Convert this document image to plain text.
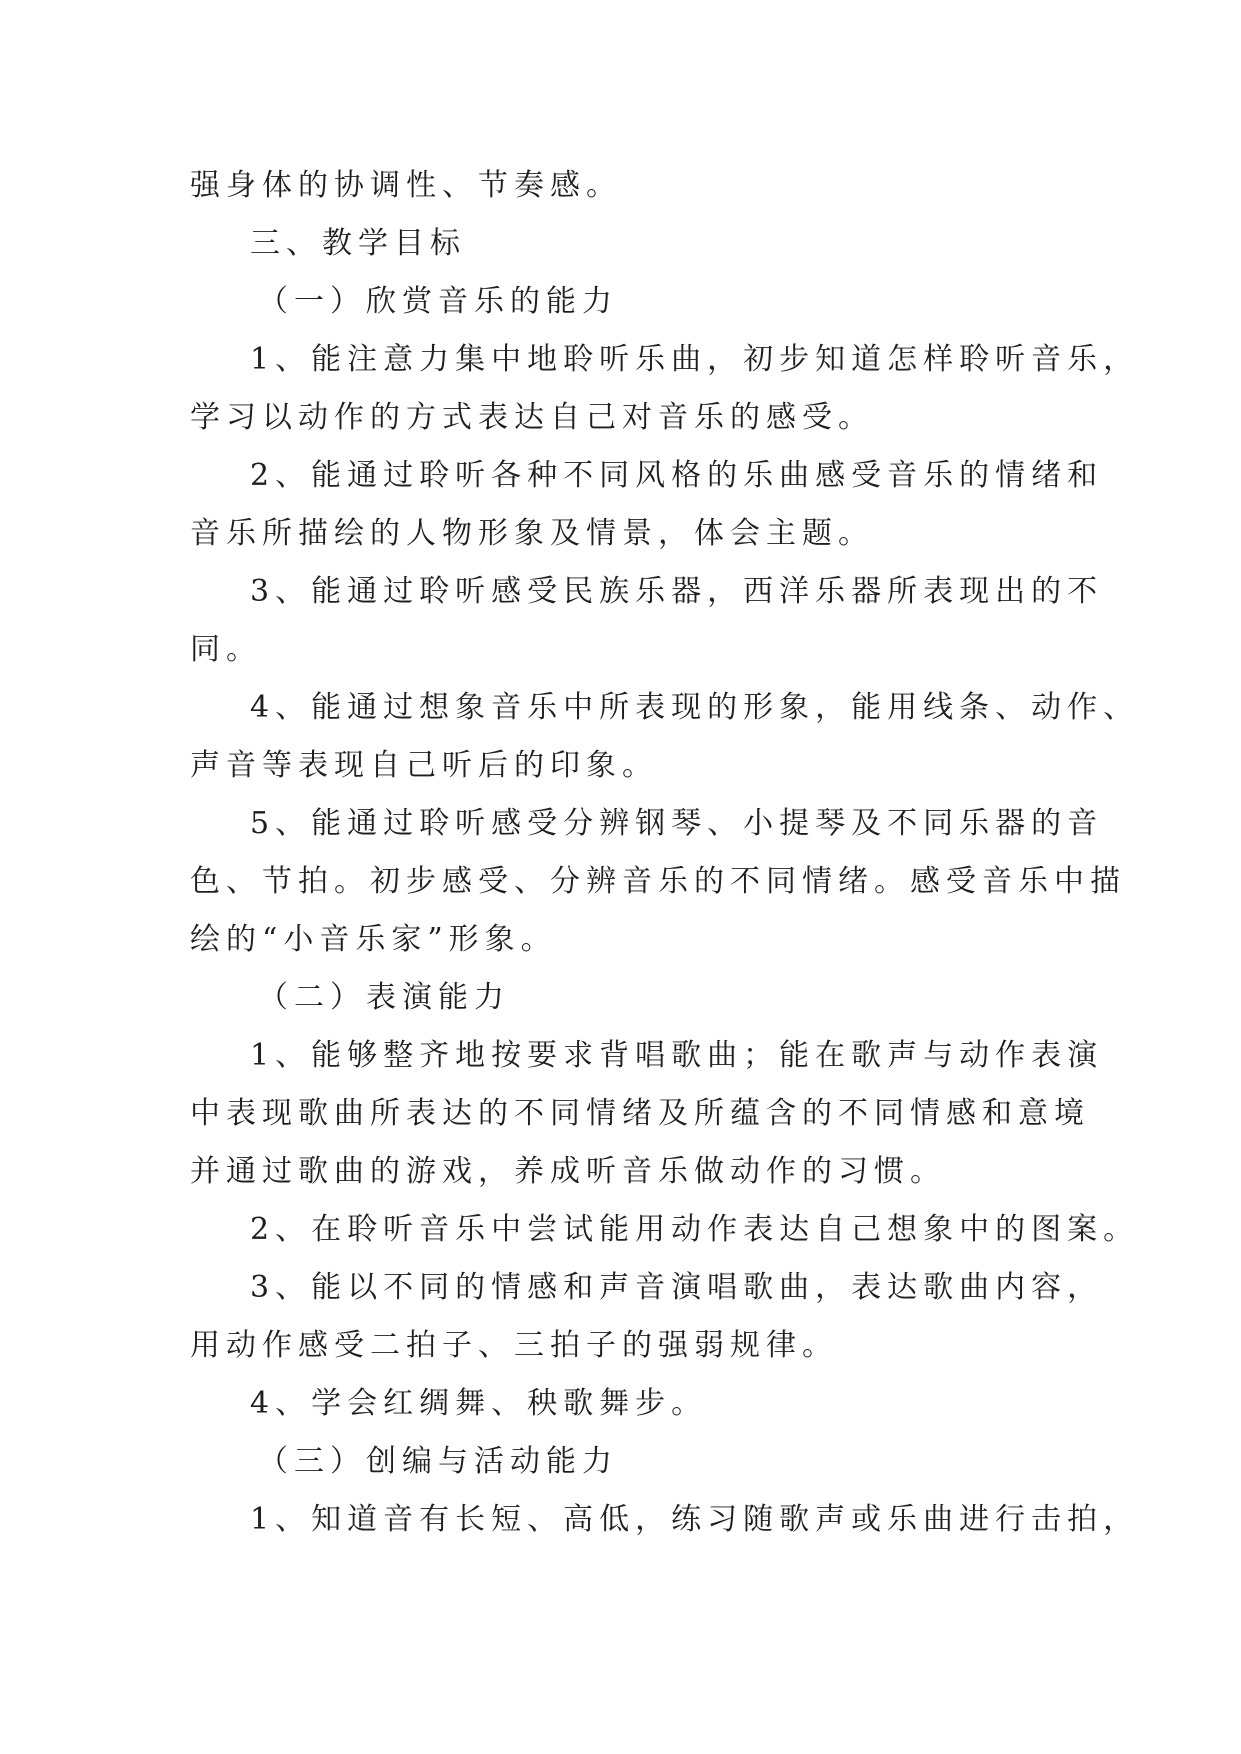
强身体的协调性、节奏感。
三、教学目标
（一）欣赏音乐的能力
1、能注意力集中地聆听乐曲，初步知道怎样聆听音乐，
学习以动作的方式表达自己对音乐的感受。
2、能通过聆听各种不同风格的乐曲感受音乐的情绪和
音乐所描绘的人物形象及情景，体会主题。
3、能通过聆听感受民族乐器，西洋乐器所表现出的不
同。
4、能通过想象音乐中所表现的形象，能用线条、动作、
声音等表现自己听后的印象。
5、能通过聆听感受分辨钢琴、小提琴及不同乐器的音
色、节拍。初步感受、分辨音乐的不同情绪。感受音乐中描
绘的“小音乐家”形象。
（二）表演能力
1、能够整齐地按要求背唱歌曲；能在歌声与动作表演
中表现歌曲所表达的不同情绪及所蕴含的不同情感和意境
并通过歌曲的游戏，养成听音乐做动作的习惯。
2、在聆听音乐中尝试能用动作表达自己想象中的图案。
3、能以不同的情感和声音演唱歌曲，表达歌曲内容，
用动作感受二拍子、三拍子的强弱规律。
4、学会红绸舞、秧歌舞步。
（三）创编与活动能力
1、知道音有长短、高低，练习随歌声或乐曲进行击拍，
